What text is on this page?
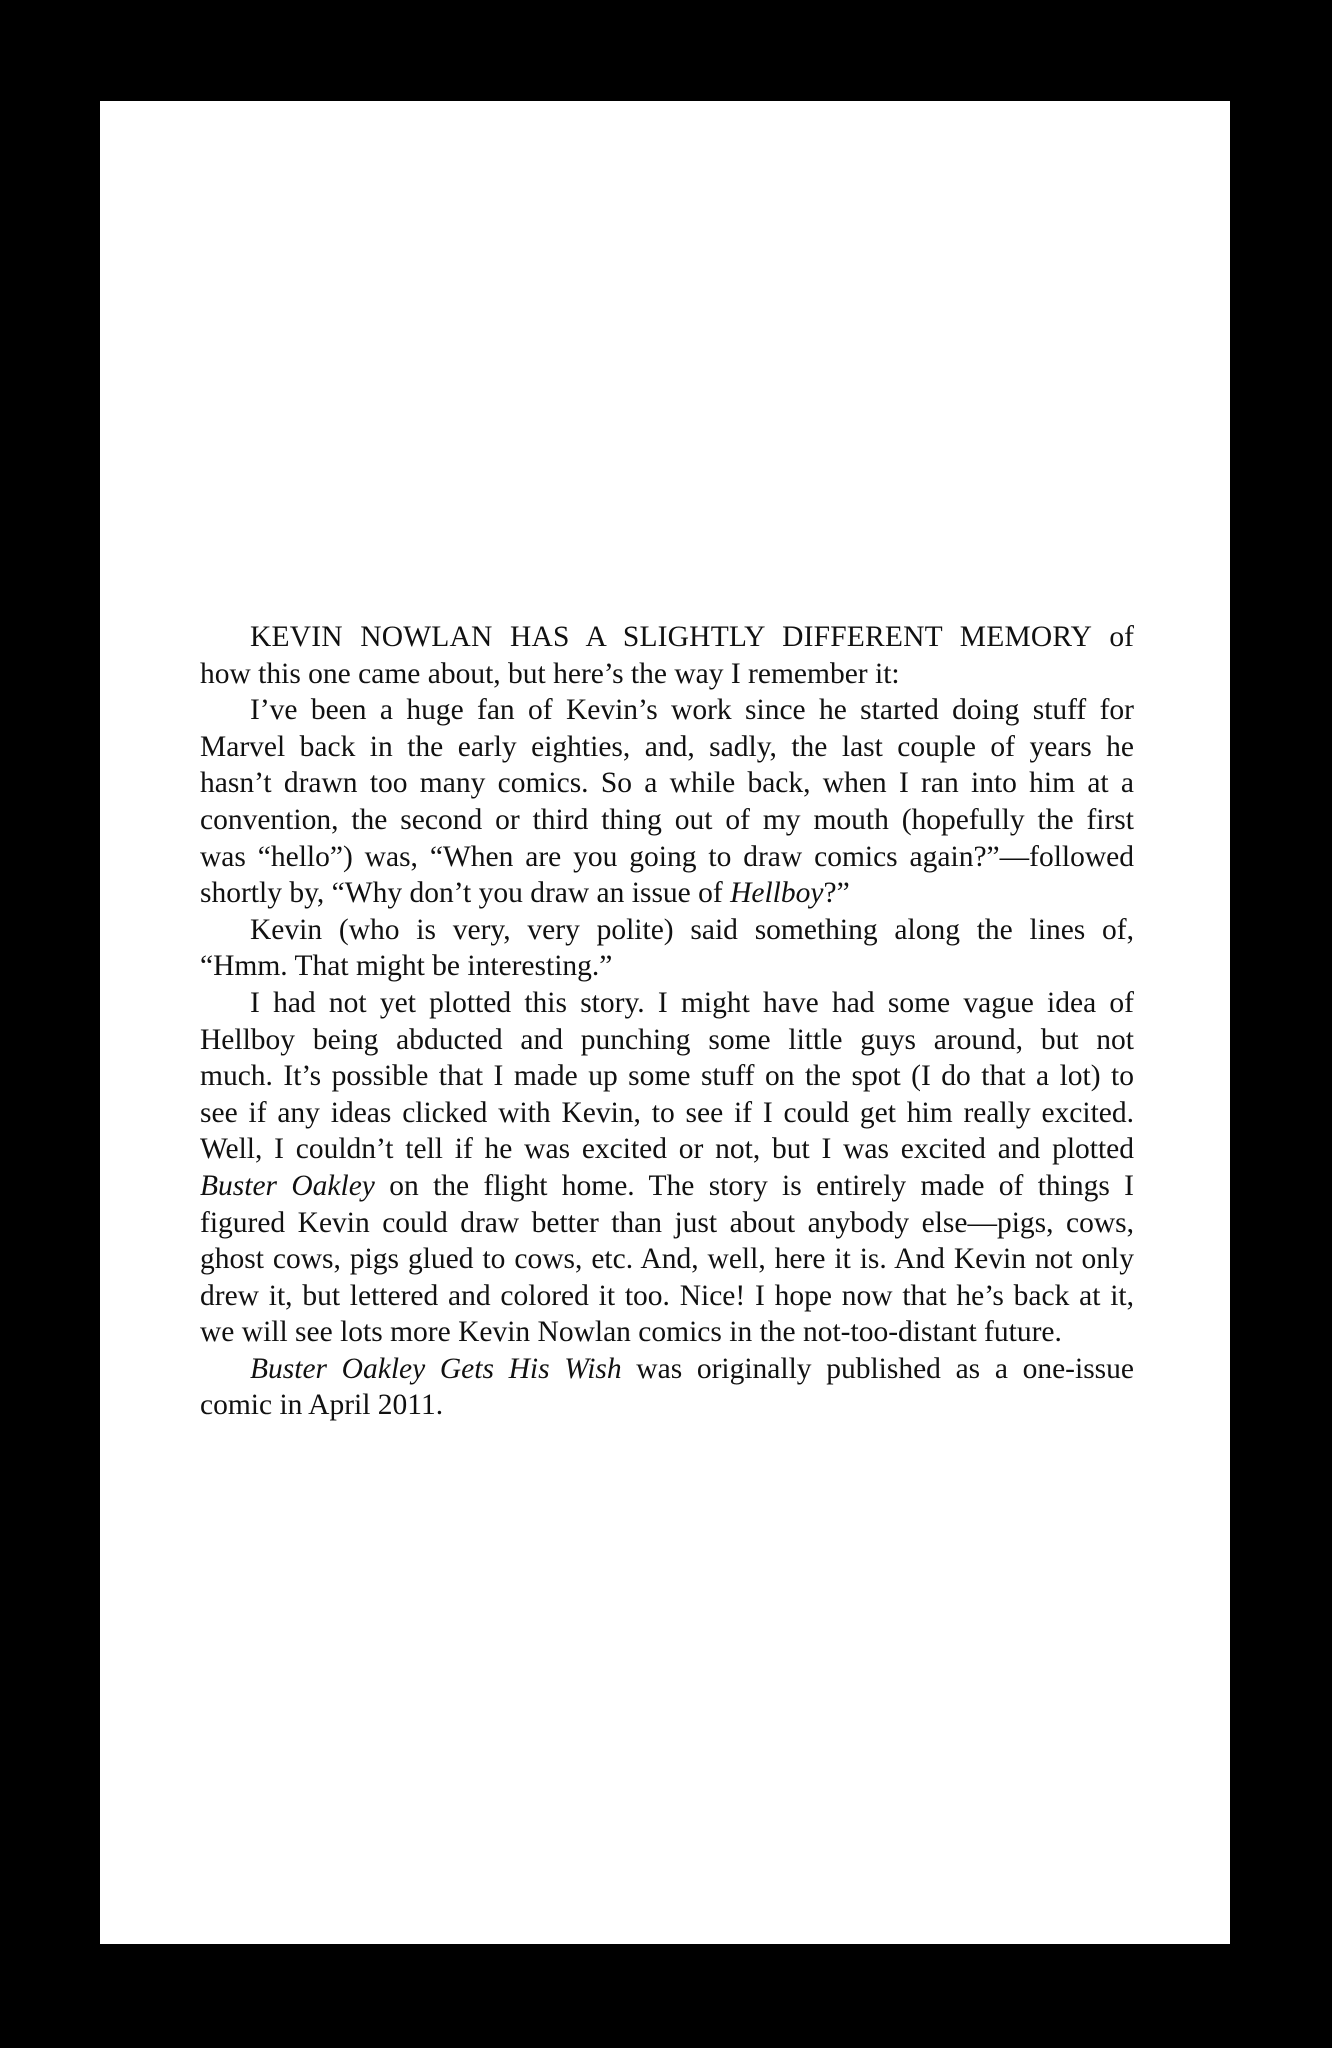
KEVIN NOWLAN HAS A SLIGHTLY DIFFERENT MEMORY of
how this one came about, but here’s the way I remember it:
I’ve been a huge fan of Kevin’s work since he started doing stuff for
Marvel back in the early eighties, and, sadly, the last couple of years he
hasn’t drawn too many comics. So a while back, when I ran into him at a
convention, the second or third thing out of my mouth (hopefully the first
was “hello”) was, “When are you going to draw comics again?”—followed
shortly by, “Why don’t you draw an issue of Hellboy?”
Kevin (who is very, very polite) said something along the lines of,
“Hmm. That might be interesting.”
I had not yet plotted this story. I might have had some vague idea of
Hellboy being abducted and punching some little guys around, but not
much. It’s possible that I made up some stuff on the spot (I do that a lot) to
see if any ideas clicked with Kevin, to see if I could get him really excited.
Well, I couldn’t tell if he was excited or not, but I was excited and plotted
Buster Oakley on the flight home. The story is entirely made of things I
figured Kevin could draw better than just about anybody else—pigs, cows,
ghost cows, pigs glued to cows, etc. And, well, here it is. And Kevin not only
drew it, but lettered and colored it too. Nice! I hope now that he’s back at it,
we will see lots more Kevin Nowlan comics in the not-too-distant future.
Buster Oakley Gets His Wish was originally published as a one-issue
comic in April 2011.
